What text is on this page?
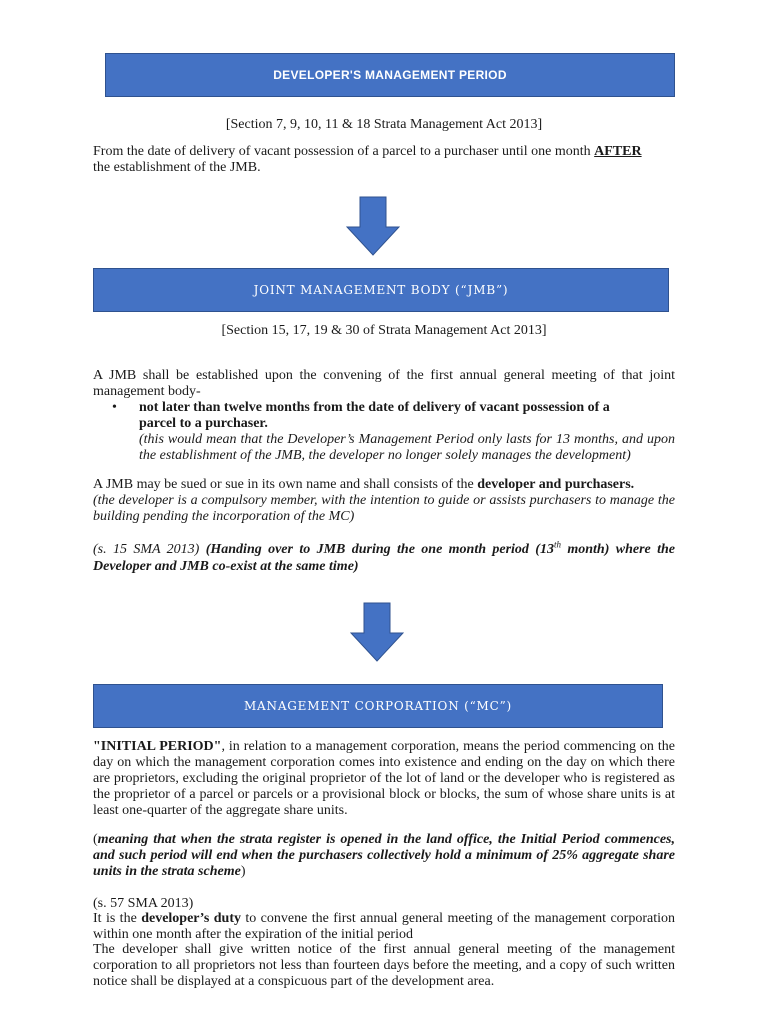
DEVELOPER'S MANAGEMENT PERIOD
[Section 7, 9, 10, 11 & 18 Strata Management Act 2013]
From the date of delivery of vacant possession of a parcel to a purchaser until one month AFTER
the establishment of the JMB.
JOINT MANAGEMENT BODY (“JMB”)
[Section 15, 17, 19 & 30 of Strata Management Act 2013]
A JMB shall be established upon the convening of the first annual general meeting of that joint management body-
• not later than twelve months from the date of delivery of vacant possession of a
parcel to a purchaser.
(this would mean that the Developer’s Management Period only lasts for 13 months, and upon the establishment of the JMB, the developer no longer solely manages the development)
A JMB may be sued or sue in its own name and shall consists of the developer and purchasers.
(the developer is a compulsory member, with the intention to guide or assists purchasers to manage the building pending the incorporation of the MC)
(s. 15 SMA 2013) (Handing over to JMB during the one month period (13th month) where the Developer and JMB co-exist at the same time)
MANAGEMENT CORPORATION (“MC”)
"INITIAL PERIOD", in relation to a management corporation, means the period commencing on the day on which the management corporation comes into existence and ending on the day on which there are proprietors, excluding the original proprietor of the lot of land or the developer who is registered as the proprietor of a parcel or parcels or a provisional block or blocks, the sum of whose share units is at least one-quarter of the aggregate share units.
(meaning that when the strata register is opened in the land office, the Initial Period commences, and such period will end when the purchasers collectively hold a minimum of 25% aggregate share units in the strata scheme)
(s. 57 SMA 2013)
It is the developer’s duty to convene the first annual general meeting of the management corporation within one month after the expiration of the initial period
The developer shall give written notice of the first annual general meeting of the management corporation to all proprietors not less than fourteen days before the meeting, and a copy of such written notice shall be displayed at a conspicuous part of the development area.
